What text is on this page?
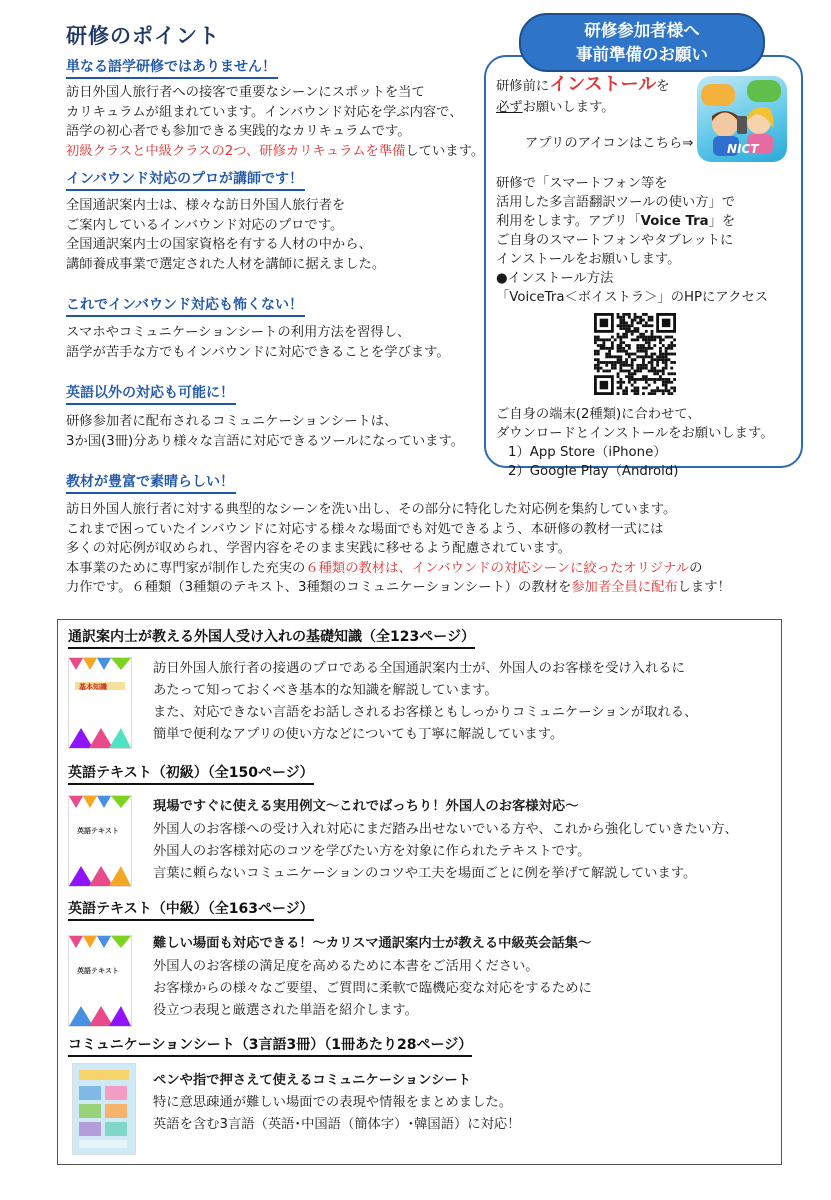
研修のポイント
単なる語学研修ではありません！
訪日外国人旅行者への接客で重要なシーンにスポットを当て
カリキュラムが組まれています。インバウンド対応を学ぶ内容で、
語学の初心者でも参加できる実践的なカリキュラムです。
初級クラスと中級クラスの2つ、研修カリキュラムを準備しています。
インバウンド対応のプロが講師です！
全国通訳案内士は、様々な訪日外国人旅行者を
ご案内しているインバウンド対応のプロです。
全国通訳案内士の国家資格を有する人材の中から、
講師養成事業で選定された人材を講師に据えました。
これでインバウンド対応も怖くない！
スマホやコミュニケーションシートの利用方法を習得し、
語学が苦手な方でもインバウンドに対応できることを学びます。
英語以外の対応も可能に！
研修参加者に配布されるコミュニケーションシートは、
3か国(3冊)分あり様々な言語に対応できるツールになっています。
教材が豊富で素晴らしい！
訪日外国人旅行者に対する典型的なシーンを洗い出し、その部分に特化した対応例を集約しています。
これまで困っていたインバウンドに対応する様々な場面でも対処できるよう、本研修の教材一式には
多くの対応例が収められ、学習内容をそのまま実践に移せるよう配慮されています。
本事業のために専門家が制作した充実の６種類の教材は、インバウンドの対応シーンに絞ったオリジナルの
力作です。６種類（3種類のテキスト、3種類のコミュニケーションシート）の教材を参加者全員に配布します！
研修参加者様へ
事前準備のお願い
研修前にインストールを
必ずお願いします。
アプリのアイコンはこちら⇒	NICT
研修で「スマートフォン等を
活用した多言語翻訳ツールの使い方」で
利用をします。アプリ「Voice Tra」を
ご自身のスマートフォンやタブレットに
インストールをお願いします。
●インストール方法
「VoiceTra＜ボイストラ＞」のHPにアクセス
ご自身の端末(2種類)に合わせて、
ダウンロードとインストールをお願いします。
1）App Store（iPhone）
2）Google Play（Android)
通訳案内士が教える外国人受け入れの基礎知識（全123ページ）
基本知識
訪日外国人旅行者の接遇のプロである全国通訳案内士が、外国人のお客様を受け入れるに
あたって知っておくべき基本的な知識を解説しています。
また、対応できない言語をお話しされるお客様ともしっかりコミュニケーションが取れる、
簡単で便利なアプリの使い方などについても丁寧に解説しています。
英語テキスト（初級）（全150ページ）
英語テキスト
現場ですぐに使える実用例文～これでばっちり！外国人のお客様対応～
外国人のお客様への受け入れ対応にまだ踏み出せないでいる方や、これから強化していきたい方、
外国人のお客様対応のコツを学びたい方を対象に作られたテキストです。
言葉に頼らないコミュニケーションのコツや工夫を場面ごとに例を挙げて解説しています。
英語テキスト（中級）（全163ページ）
英語テキスト
難しい場面も対応できる！～カリスマ通訳案内士が教える中級英会話集～
外国人のお客様の満足度を高めるために本書をご活用ください。
お客様からの様々なご要望、ご質問に柔軟で臨機応変な対応をするために
役立つ表現と厳選された単語を紹介します。
コミュニケーションシート（3言語3冊）（1冊あたり28ページ）
ペンや指で押さえて使えるコミュニケーションシート
特に意思疎通が難しい場面での表現や情報をまとめました。
英語を含む3言語（英語･中国語（簡体字）･韓国語）に対応！
